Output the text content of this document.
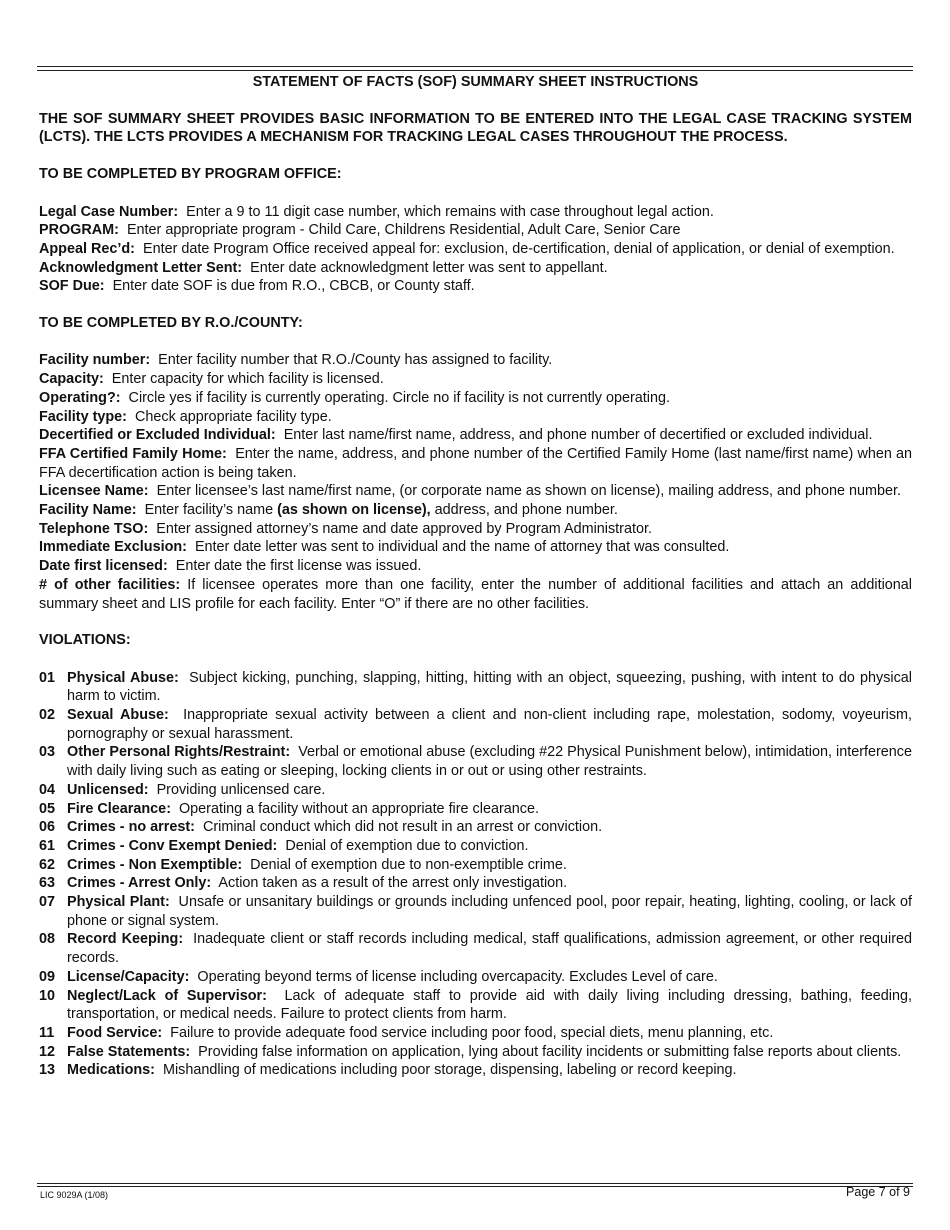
STATEMENT OF FACTS (SOF) SUMMARY SHEET INSTRUCTIONS

THE SOF SUMMARY SHEET PROVIDES BASIC INFORMATION TO BE ENTERED INTO THE LEGAL CASE TRACKING SYSTEM (LCTS). THE LCTS PROVIDES A MECHANISM FOR TRACKING LEGAL CASES THROUGHOUT THE PROCESS.

TO BE COMPLETED BY PROGRAM OFFICE:

Legal Case Number: Enter a 9 to 11 digit case number, which remains with case throughout legal action.

PROGRAM: Enter appropriate program - Child Care, Childrens Residential, Adult Care, Senior Care

Appeal Rec’d: Enter date Program Office received appeal for: exclusion, de-certification, denial of application, or denial of exemption.

Acknowledgment Letter Sent: Enter date acknowledgment letter was sent to appellant.

SOF Due: Enter date SOF is due from R.O., CBCB, or County staff.

TO BE COMPLETED BY R.O./COUNTY:

Facility number: Enter facility number that R.O./County has assigned to facility.

Capacity: Enter capacity for which facility is licensed.

Operating?: Circle yes if facility is currently operating. Circle no if facility is not currently operating.

Facility type: Check appropriate facility type.

Decertified or Excluded Individual: Enter last name/first name, address, and phone number of decertified or excluded individual.

FFA Certified Family Home: Enter the name, address, and phone number of the Certified Family Home (last name/first name) when an FFA decertification action is being taken.

Licensee Name: Enter licensee’s last name/first name, (or corporate name as shown on license), mailing address, and phone number.

Facility Name: Enter facility’s name (as shown on license), address, and phone number.

Telephone TSO: Enter assigned attorney’s name and date approved by Program Administrator.

Immediate Exclusion: Enter date letter was sent to individual and the name of attorney that was consulted.

Date first licensed: Enter date the first license was issued.

# of other facilities: If licensee operates more than one facility, enter the number of additional facilities and attach an additional summary sheet and LIS profile for each facility. Enter “O” if there are no other facilities.

VIOLATIONS:

01 Physical Abuse: Subject kicking, punching, slapping, hitting, hitting with an object, squeezing, pushing, with intent to do physical harm to victim.
02 Sexual Abuse: Inappropriate sexual activity between a client and non-client including rape, molestation, sodomy, voyeurism, pornography or sexual harassment.
03 Other Personal Rights/Restraint: Verbal or emotional abuse (excluding #22 Physical Punishment below), intimidation, interference with daily living such as eating or sleeping, locking clients in or out or using other restraints.
04 Unlicensed: Providing unlicensed care.
05 Fire Clearance: Operating a facility without an appropriate fire clearance.
06 Crimes - no arrest: Criminal conduct which did not result in an arrest or conviction.
61 Crimes - Conv Exempt Denied: Denial of exemption due to conviction.
62 Crimes - Non Exemptible: Denial of exemption due to non-exemptible crime.
63 Crimes - Arrest Only: Action taken as a result of the arrest only investigation.
07 Physical Plant: Unsafe or unsanitary buildings or grounds including unfenced pool, poor repair, heating, lighting, cooling, or lack of phone or signal system.
08 Record Keeping: Inadequate client or staff records including medical, staff qualifications, admission agreement, or other required records.
09 License/Capacity: Operating beyond terms of license including overcapacity. Excludes Level of care.
10 Neglect/Lack of Supervisor: Lack of adequate staff to provide aid with daily living including dressing, bathing, feeding, transportation, or medical needs. Failure to protect clients from harm.
11 Food Service: Failure to provide adequate food service including poor food, special diets, menu planning, etc.
12 False Statements: Providing false information on application, lying about facility incidents or submitting false reports about clients.
13 Medications: Mishandling of medications including poor storage, dispensing, labeling or record keeping.
LIC 9029A (1/08)	Page 7 of 9
